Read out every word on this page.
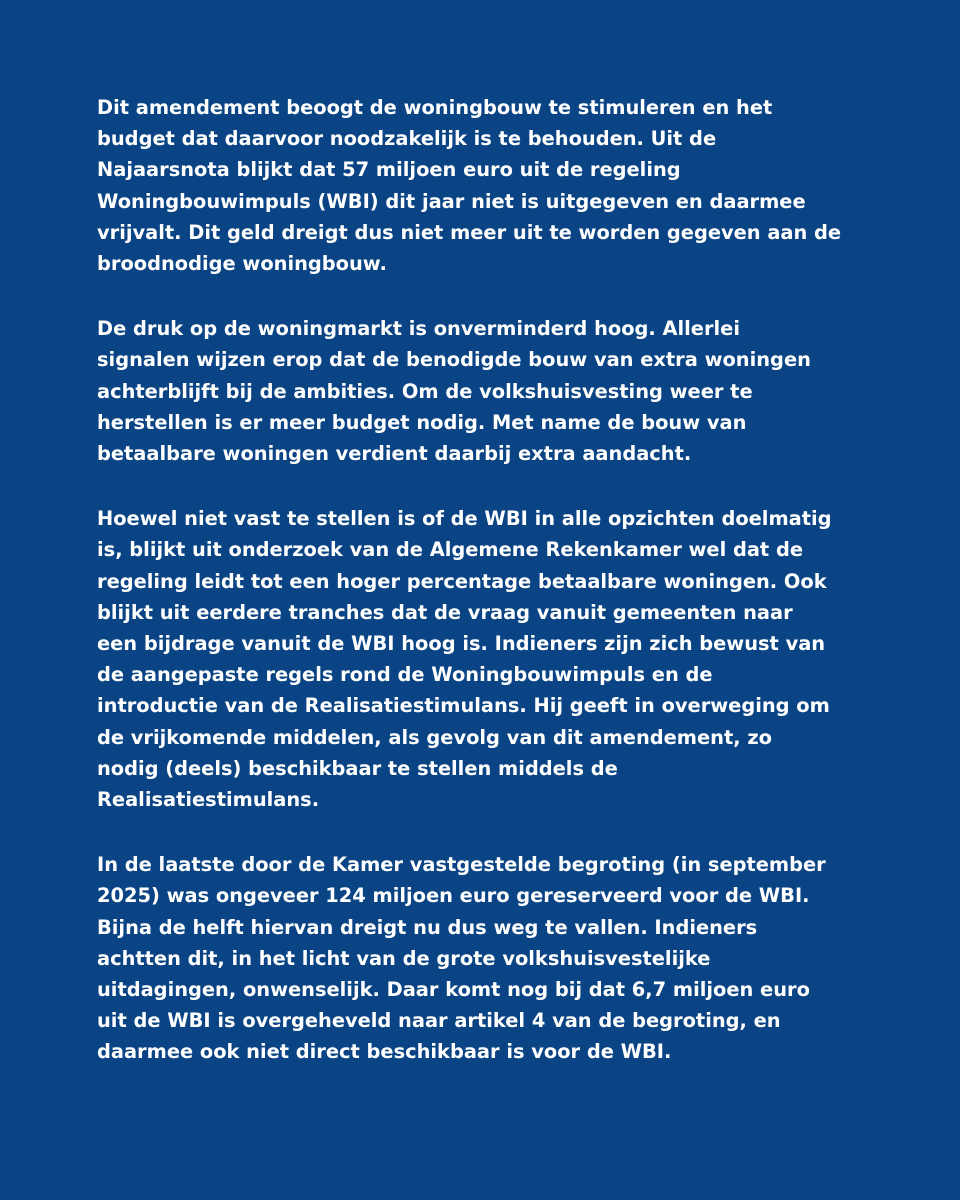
Dit amendement beoogt de woningbouw te stimuleren en het
budget dat daarvoor noodzakelijk is te behouden. Uit de
Najaarsnota blijkt dat 57 miljoen euro uit de regeling
Woningbouwimpuls (WBI) dit jaar niet is uitgegeven en daarmee
vrijvalt. Dit geld dreigt dus niet meer uit te worden gegeven aan de
broodnodige woningbouw.

De druk op de woningmarkt is onverminderd hoog. Allerlei
signalen wijzen erop dat de benodigde bouw van extra woningen
achterblijft bij de ambities. Om de volkshuisvesting weer te
herstellen is er meer budget nodig. Met name de bouw van
betaalbare woningen verdient daarbij extra aandacht.

Hoewel niet vast te stellen is of de WBI in alle opzichten doelmatig
is, blijkt uit onderzoek van de Algemene Rekenkamer wel dat de
regeling leidt tot een hoger percentage betaalbare woningen. Ook
blijkt uit eerdere tranches dat de vraag vanuit gemeenten naar
een bijdrage vanuit de WBI hoog is. Indieners zijn zich bewust van
de aangepaste regels rond de Woningbouwimpuls en de
introductie van de Realisatiestimulans. Hij geeft in overweging om
de vrijkomende middelen, als gevolg van dit amendement, zo
nodig (deels) beschikbaar te stellen middels de
Realisatiestimulans.

In de laatste door de Kamer vastgestelde begroting (in september
2025) was ongeveer 124 miljoen euro gereserveerd voor de WBI.
Bijna de helft hiervan dreigt nu dus weg te vallen. Indieners
achtten dit, in het licht van de grote volkshuisvestelijke
uitdagingen, onwenselijk. Daar komt nog bij dat 6,7 miljoen euro
uit de WBI is overgeheveld naar artikel 4 van de begroting, en
daarmee ook niet direct beschikbaar is voor de WBI.
